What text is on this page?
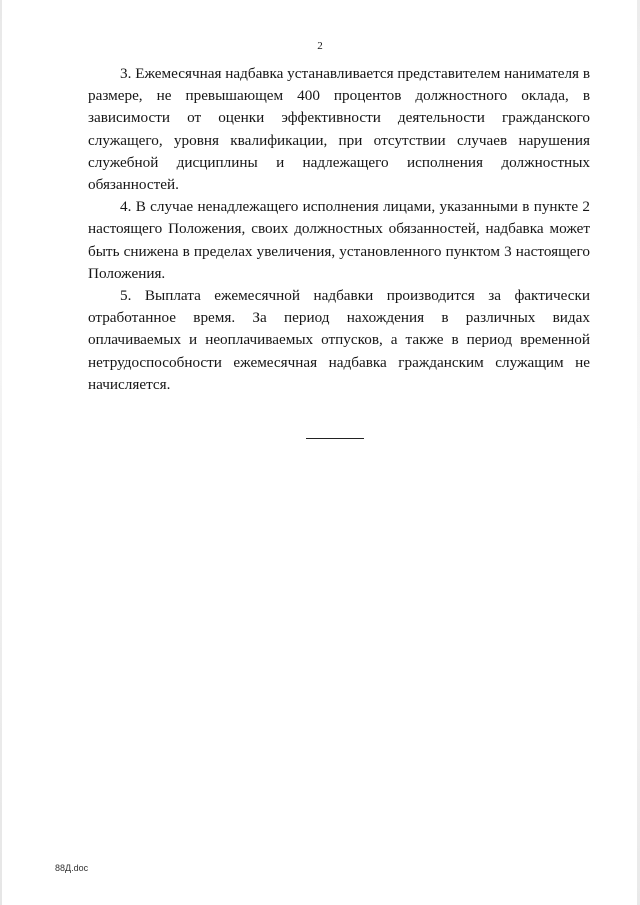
2

3. Ежемесячная надбавка устанавливается представителем нанимателя в размере, не превышающем 400 процентов должностного оклада, в зависимости от оценки эффективности деятельности гражданского служащего, уровня квалификации, при отсутствии случаев нарушения служебной дисциплины и надлежащего исполнения должностных обязанностей.

4. В случае ненадлежащего исполнения лицами, указанными в пункте 2 настоящего Положения, своих должностных обязанностей, надбавка может быть снижена в пределах увеличения, установленного пунктом 3 настоящего Положения.

5. Выплата ежемесячной надбавки производится за фактически отработанное время. За период нахождения в различных видах оплачиваемых и неоплачиваемых отпусков, а также в период временной нетрудоспособности ежемесячная надбавка гражданским служащим не начисляется.

88Д.doc
